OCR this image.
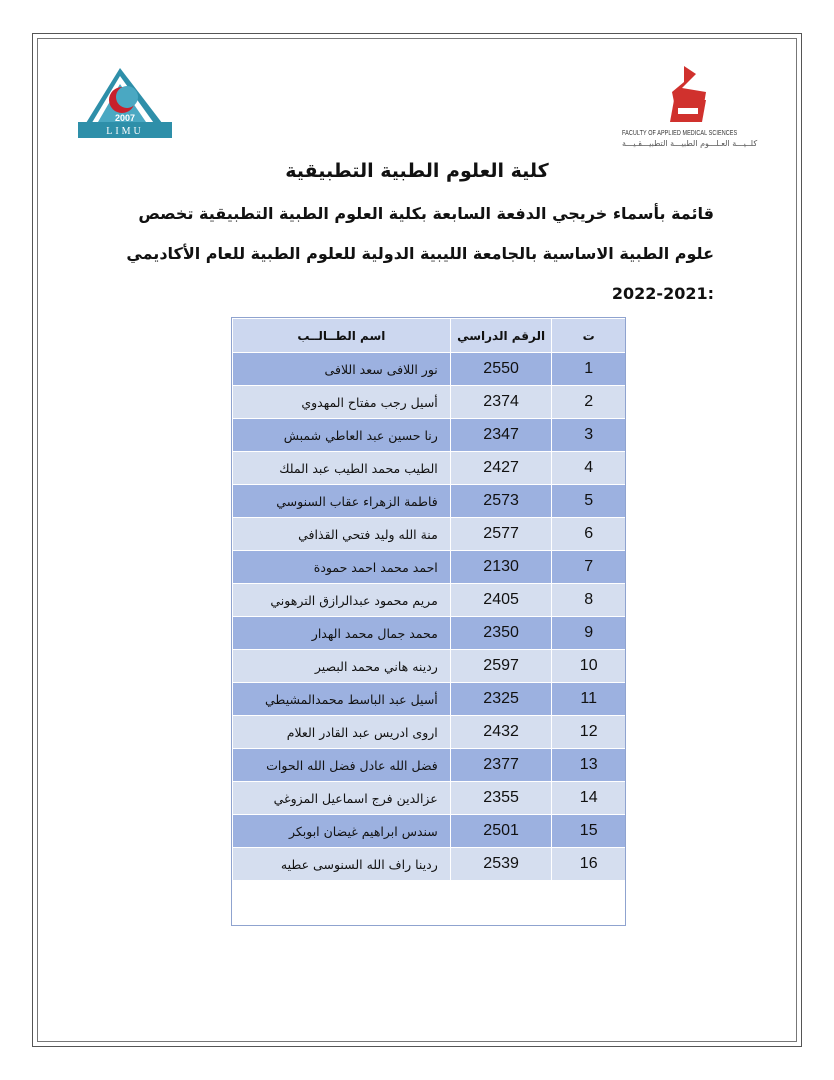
2007
LIMU	FACULTY OF APPLIED MEDICAL SCIENCES
كلــيـــة العـلـــوم الطبيـــة التطبيـــقـيـــة
كلية العلوم الطبية التطبيقية
قائمة بأسماء خريجي الدفعة السابعة بكلية العلوم الطبية التطبيقية تخصص
علوم الطبية الاساسية بالجامعة الليبية الدولية للعلوم الطبية للعام الأكاديمي
2022-2021:
ت	الرقم الدراسي	اسم الطــالــب
1	2550	نور اللافى سعد اللافى
2	2374	أسيل رجب مفتاح المهدوي
3	2347	رنا حسين عبد العاطي شمبش
4	2427	الطيب محمد الطيب عبد الملك
5	2573	فاطمة الزهراء عقاب السنوسي
6	2577	منة الله وليد فتحي القذافي
7	2130	احمد محمد احمد حمودة
8	2405	مريم محمود عبدالرازق الترهوني
9	2350	محمد جمال محمد الهدار
10	2597	ردينه هاني محمد البصير
11	2325	أسيل عبد الباسط محمدالمشيطي
12	2432	اروى ادريس عبد القادر العلام
13	2377	فضل الله عادل فضل الله الحوات
14	2355	عزالدين فرج اسماعيل المزوغي
15	2501	سندس ابراهيم غيضان ابوبكر
16	2539	ردينا راف الله السنوسى عطيه
